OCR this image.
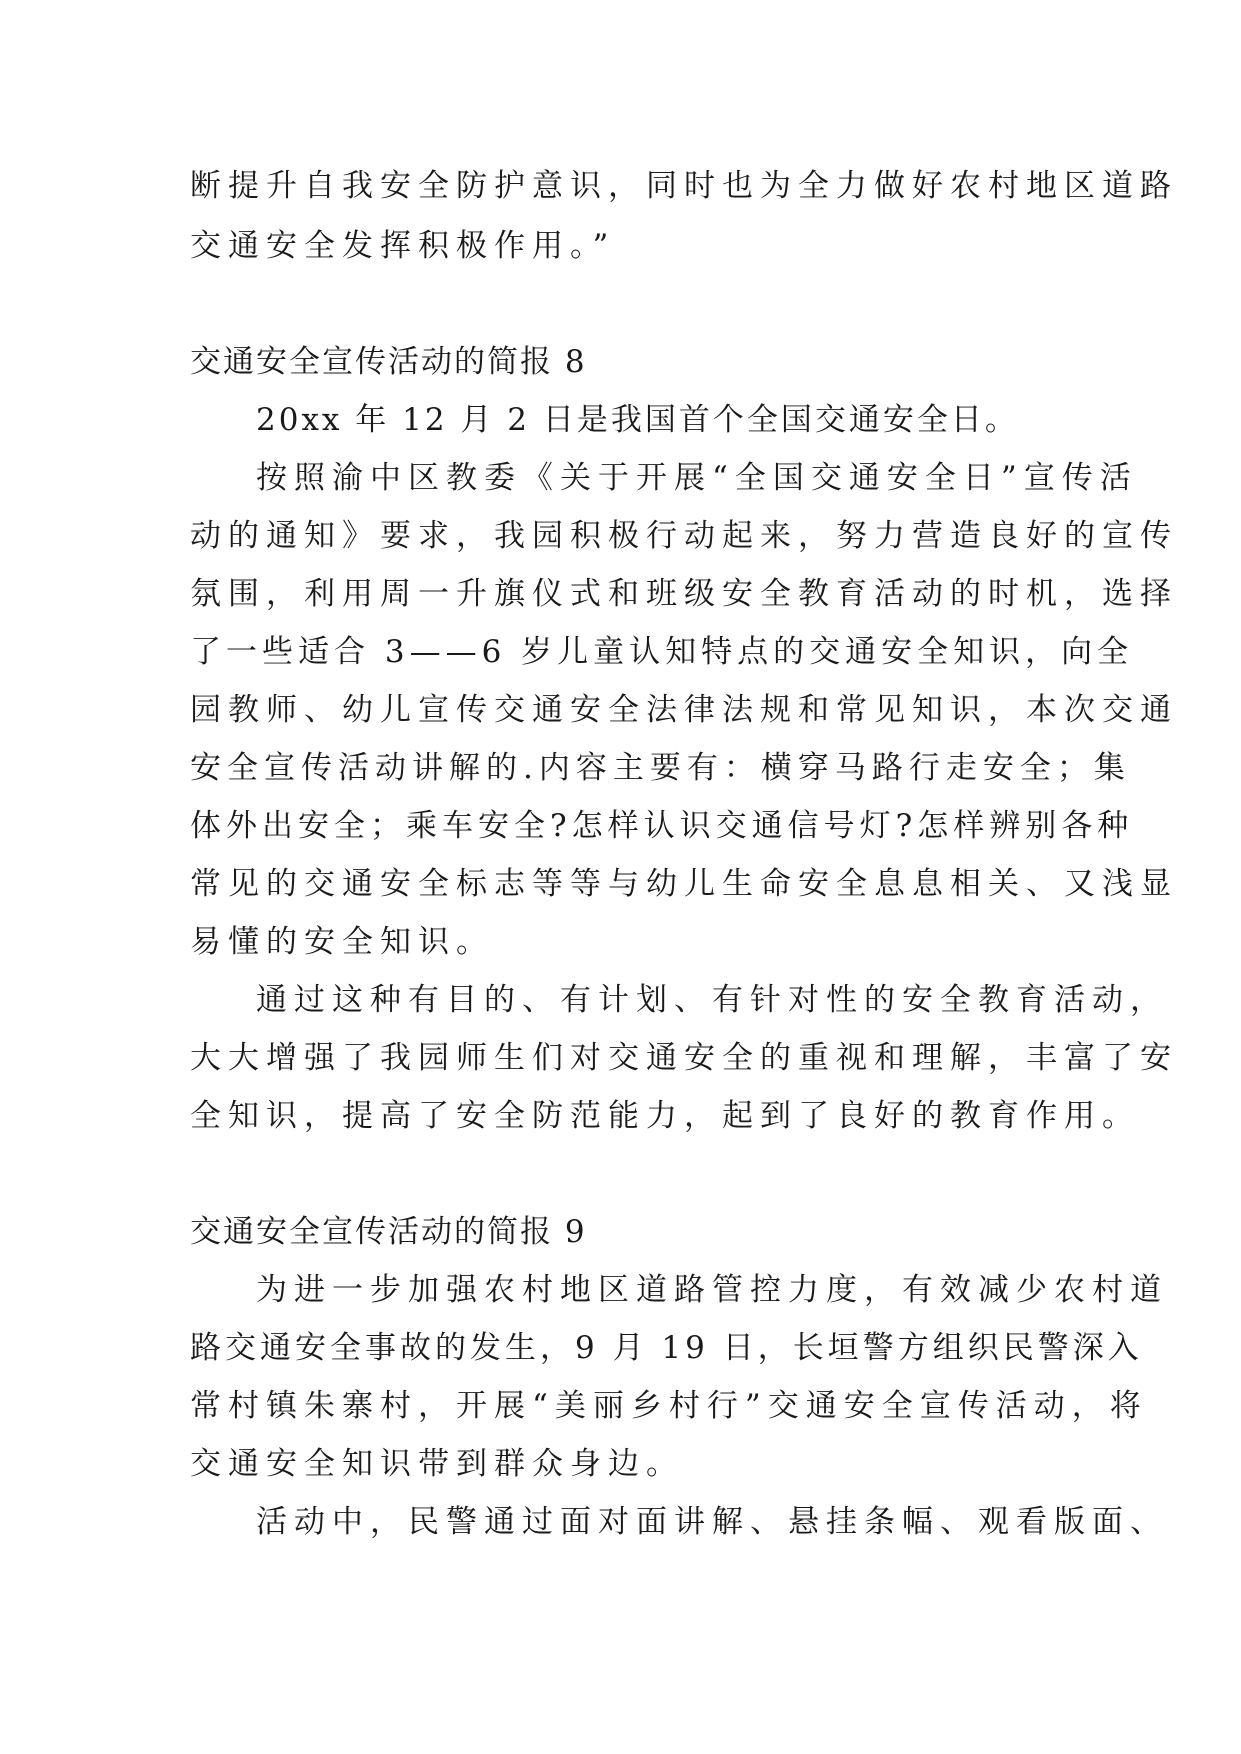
断提升自我安全防护意识，同时也为全力做好农村地区道路
交通安全发挥积极作用。”
交通安全宣传活动的简报 8
20xx 年 12 月 2 日是我国首个全国交通安全日。
按照渝中区教委《关于开展“全国交通安全日”宣传活
动的通知》要求，我园积极行动起来，努力营造良好的宣传
氛围，利用周一升旗仪式和班级安全教育活动的时机，选择
了一些适合 3——6 岁儿童认知特点的交通安全知识，向全
园教师、幼儿宣传交通安全法律法规和常见知识，本次交通
安全宣传活动讲解的.内容主要有：横穿马路行走安全；集
体外出安全；乘车安全?怎样认识交通信号灯?怎样辨别各种
常见的交通安全标志等等与幼儿生命安全息息相关、又浅显
易懂的安全知识。
通过这种有目的、有计划、有针对性的安全教育活动，
大大增强了我园师生们对交通安全的重视和理解，丰富了安
全知识，提高了安全防范能力，起到了良好的教育作用。
交通安全宣传活动的简报 9
为进一步加强农村地区道路管控力度，有效减少农村道
路交通安全事故的发生，9 月 19 日，长垣警方组织民警深入
常村镇朱寨村，开展“美丽乡村行”交通安全宣传活动，将
交通安全知识带到群众身边。
活动中，民警通过面对面讲解、悬挂条幅、观看版面、
